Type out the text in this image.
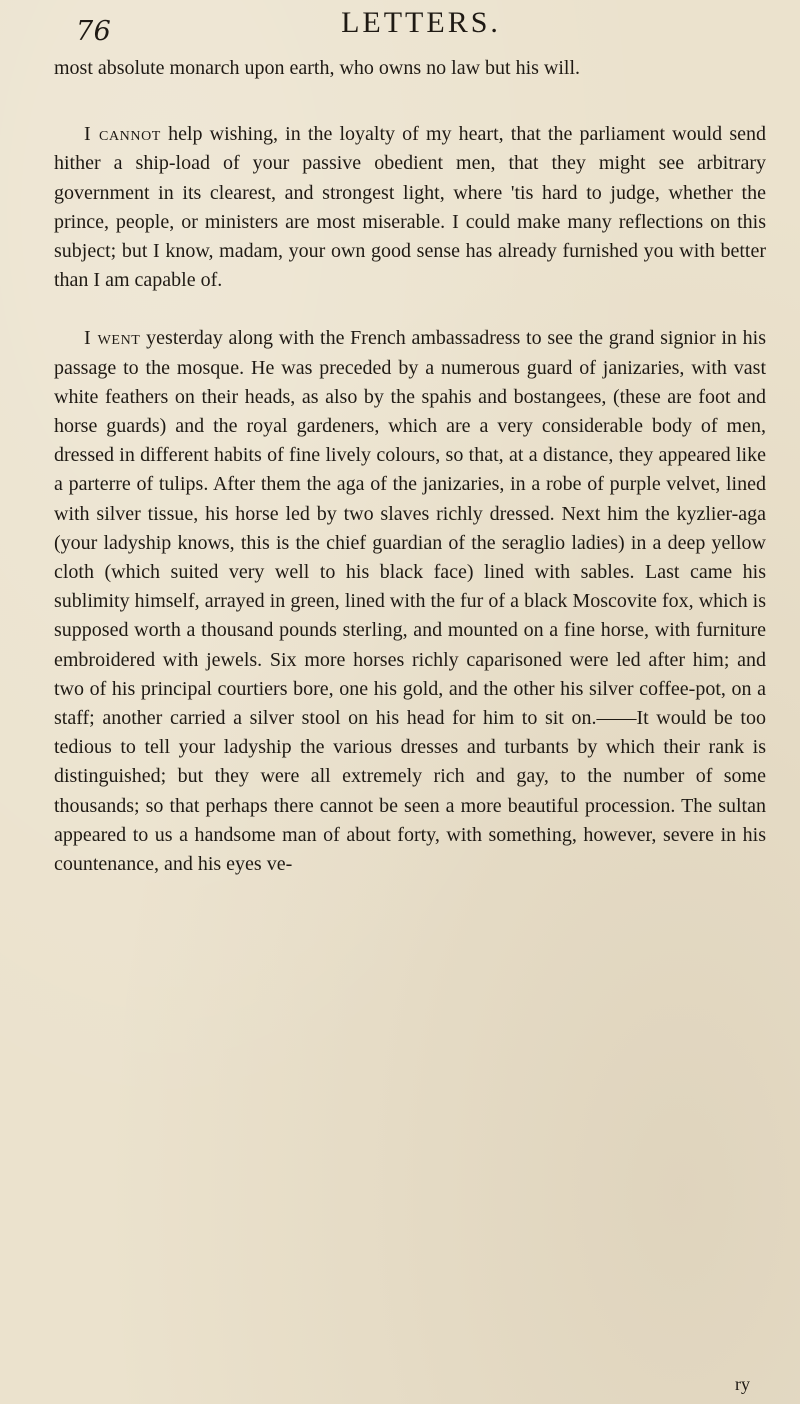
76	LETTERS.

most absolute monarch upon earth, who owns no law but his will.

I cannot help wishing, in the loyalty of my heart, that the parliament would send hither a ship-load of your passive obedient men, that they might see arbitrary government in its clearest, and strongest light, where 'tis hard to judge, whether the prince, people, or ministers are most miserable. I could make many reflections on this subject; but I know, madam, your own good sense has already furnished you with better than I am capable of.

I went yesterday along with the French ambassadress to see the grand signior in his passage to the mosque. He was preceded by a numerous guard of janizaries, with vast white feathers on their heads, as also by the spahis and bostangees, (these are foot and horse guards) and the royal gardeners, which are a very considerable body of men, dressed in different habits of fine lively colours, so that, at a distance, they appeared like a parterre of tulips. After them the aga of the janizaries, in a robe of purple velvet, lined with silver tissue, his horse led by two slaves richly dressed. Next him the kyzlier-aga (your ladyship knows, this is the chief guardian of the seraglio ladies) in a deep yellow cloth (which suited very well to his black face) lined with sables. Last came his sublimity himself, arrayed in green, lined with the fur of a black Moscovite fox, which is supposed worth a thousand pounds sterling, and mounted on a fine horse, with furniture embroidered with jewels. Six more horses richly caparisoned were led after him; and two of his principal courtiers bore, one his gold, and the other his silver coffee-pot, on a staff; another carried a silver stool on his head for him to sit on.——It would be too tedious to tell your ladyship the various dresses and turbants by which their rank is distinguished; but they were all extremely rich and gay, to the number of some thousands; so that perhaps there cannot be seen a more beautiful procession. The sultan appeared to us a handsome man of about forty, with something, however, severe in his countenance, and his eyes ve-

ry
